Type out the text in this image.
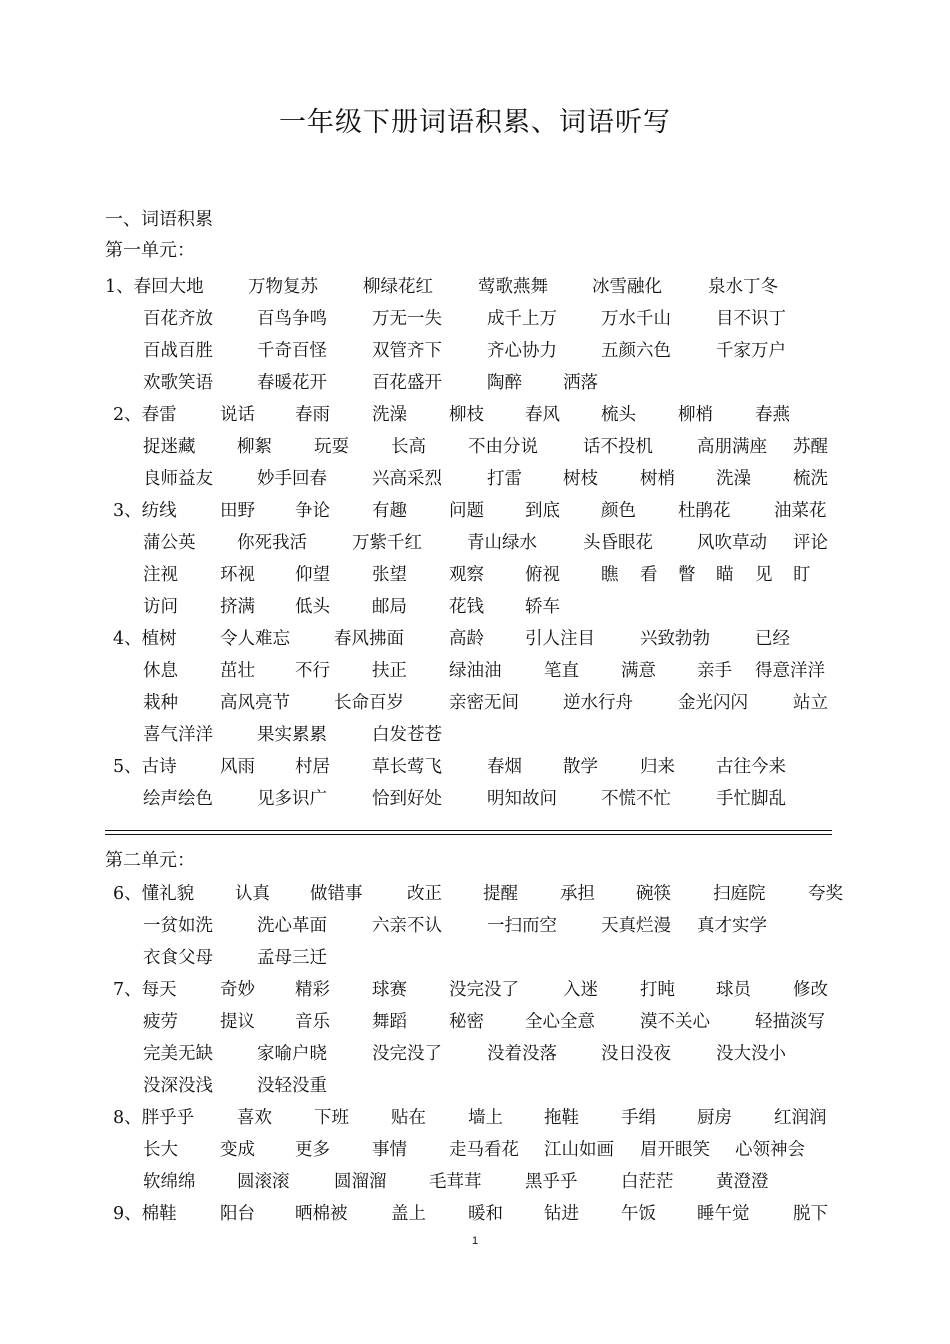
一年级下册词语积累、词语听写
一、词语积累
第一单元：
1、春回大地	万物复苏	柳绿花红	莺歌燕舞	冰雪融化	泉水丁冬
百花齐放	百鸟争鸣	万无一失	成千上万	万水千山	目不识丁
百战百胜	千奇百怪	双管齐下	齐心协力	五颜六色	千家万户
欢歌笑语	春暖花开	百花盛开	陶醉 洒落
2、春雷 说话 春雨 洗澡 柳枝 春风 梳头 柳梢 春燕
捉迷藏 柳絮 玩耍 长高 不由分说	话不投机	高朋满座 苏醒
良师益友	妙手回春	兴高采烈	打雷 树枝 树梢 洗澡 梳洗
3、纺线 田野 争论 有趣 问题 到底 颜色 杜鹃花 油菜花
蒲公英 你死我活	万紫千红	青山绿水	头昏眼花	风吹草动 评论
注视 环视 仰望 张望 观察 俯视 瞧 看 瞥 瞄 见 盯
访问 挤满 低头 邮局 花钱 轿车
4、植树 令人难忘	春风拂面	高龄 引人注目	兴致勃勃	已经
休息 茁壮 不行 扶正 绿油油 笔直 满意 亲手 得意洋洋
栽种 高风亮节	长命百岁	亲密无间	逆水行舟	金光闪闪	站立
喜气洋洋	果实累累	白发苍苍
5、古诗 风雨 村居 草长莺飞	春烟 散学 归来 古往今来
绘声绘色	见多识广	恰到好处	明知故问	不慌不忙	手忙脚乱
第二单元：
6、懂礼貌 认真 做错事	改正 提醒 承担 碗筷 扫庭院 夸奖
一贫如洗	洗心革面	六亲不认	一扫而空	天真烂漫 真才实学
衣食父母	孟母三迁
7、每天 奇妙 精彩 球赛 没完没了	入迷 打盹 球员 修改
疲劳 提议 音乐 舞蹈 秘密 全心全意	漠不关心	轻描淡写
完美无缺	家喻户晓	没完没了	没着没落	没日没夜	没大没小
没深没浅	没轻没重
8、胖乎乎 喜欢 下班 贴在 墙上 拖鞋 手绢 厨房 红润润
长大 变成 更多 事情 走马看花 江山如画 眉开眼笑 心领神会
软绵绵 圆滚滚	圆溜溜 毛茸茸 黑乎乎 白茫茫 黄澄澄
9、棉鞋 阳台 晒棉被 盖上 暖和 钻进 午饭 睡午觉 脱下
1
